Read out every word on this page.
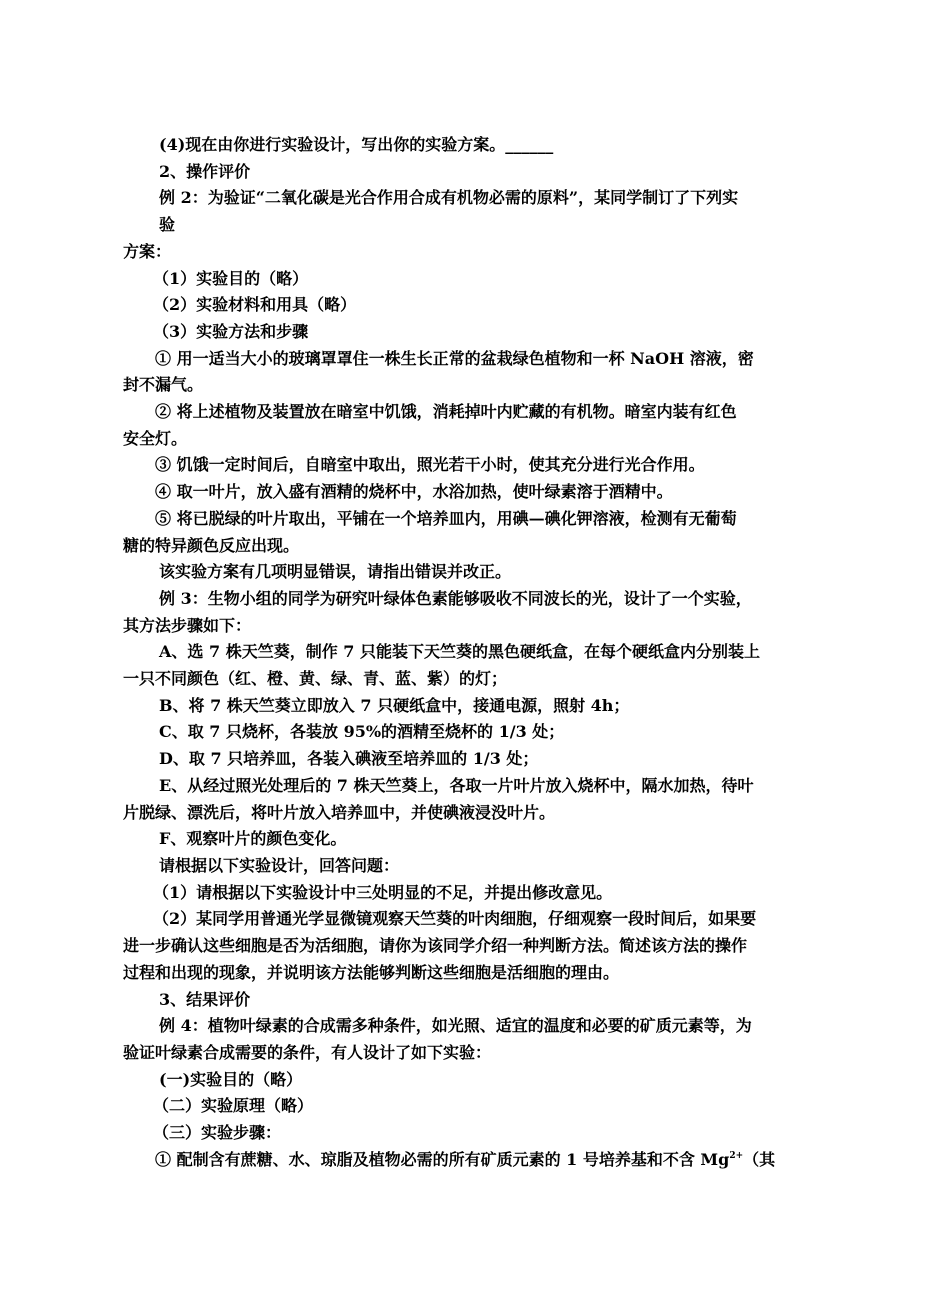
(4)现在由你进行实验设计，写出你的实验方案。______
2、操作评价
例 2：为验证“二氧化碳是光合作用合成有机物必需的原料”，某同学制订了下列实
验
方案：
（1）实验目的（略）
（2）实验材料和用具（略）
（3）实验方法和步骤
① 用一适当大小的玻璃罩罩住一株生长正常的盆栽绿色植物和一杯 NaOH 溶液，密
封不漏气。
② 将上述植物及装置放在暗室中饥饿，消耗掉叶内贮藏的有机物。暗室内装有红色
安全灯。
③ 饥饿一定时间后，自暗室中取出，照光若干小时，使其充分进行光合作用。
④ 取一叶片，放入盛有酒精的烧杯中，水浴加热，使叶绿素溶于酒精中。
⑤ 将已脱绿的叶片取出，平铺在一个培养皿内，用碘—碘化钾溶液，检测有无葡萄
糖的特异颜色反应出现。
该实验方案有几项明显错误，请指出错误并改正。
例 3：生物小组的同学为研究叶绿体色素能够吸收不同波长的光，设计了一个实验，
其方法步骤如下：
A、选 7 株天竺葵，制作 7 只能装下天竺葵的黑色硬纸盒，在每个硬纸盒内分别装上
一只不同颜色（红、橙、黄、绿、青、蓝、紫）的灯；
B、将 7 株天竺葵立即放入 7 只硬纸盒中，接通电源，照射 4h；
C、取 7 只烧杯，各装放 95%的酒精至烧杯的 1/3 处；
D、取 7 只培养皿，各装入碘液至培养皿的 1/3 处；
E、从经过照光处理后的 7 株天竺葵上，各取一片叶片放入烧杯中，隔水加热，待叶
片脱绿、漂洗后，将叶片放入培养皿中，并使碘液浸没叶片。
F、观察叶片的颜色变化。
请根据以下实验设计，回答问题：
（1）请根据以下实验设计中三处明显的不足，并提出修改意见。
（2）某同学用普通光学显微镜观察天竺葵的叶肉细胞，仔细观察一段时间后，如果要
进一步确认这些细胞是否为活细胞，请你为该同学介绍一种判断方法。简述该方法的操作
过程和出现的现象，并说明该方法能够判断这些细胞是活细胞的理由。
3、结果评价
例 4：植物叶绿素的合成需多种条件，如光照、适宜的温度和必要的矿质元素等，为
验证叶绿素合成需要的条件，有人设计了如下实验：
(一)实验目的（略）
（二）实验原理（略）
（三）实验步骤：
① 配制含有蔗糖、水、琼脂及植物必需的所有矿质元素的 1 号培养基和不含 $Mg^{2+}$（其
